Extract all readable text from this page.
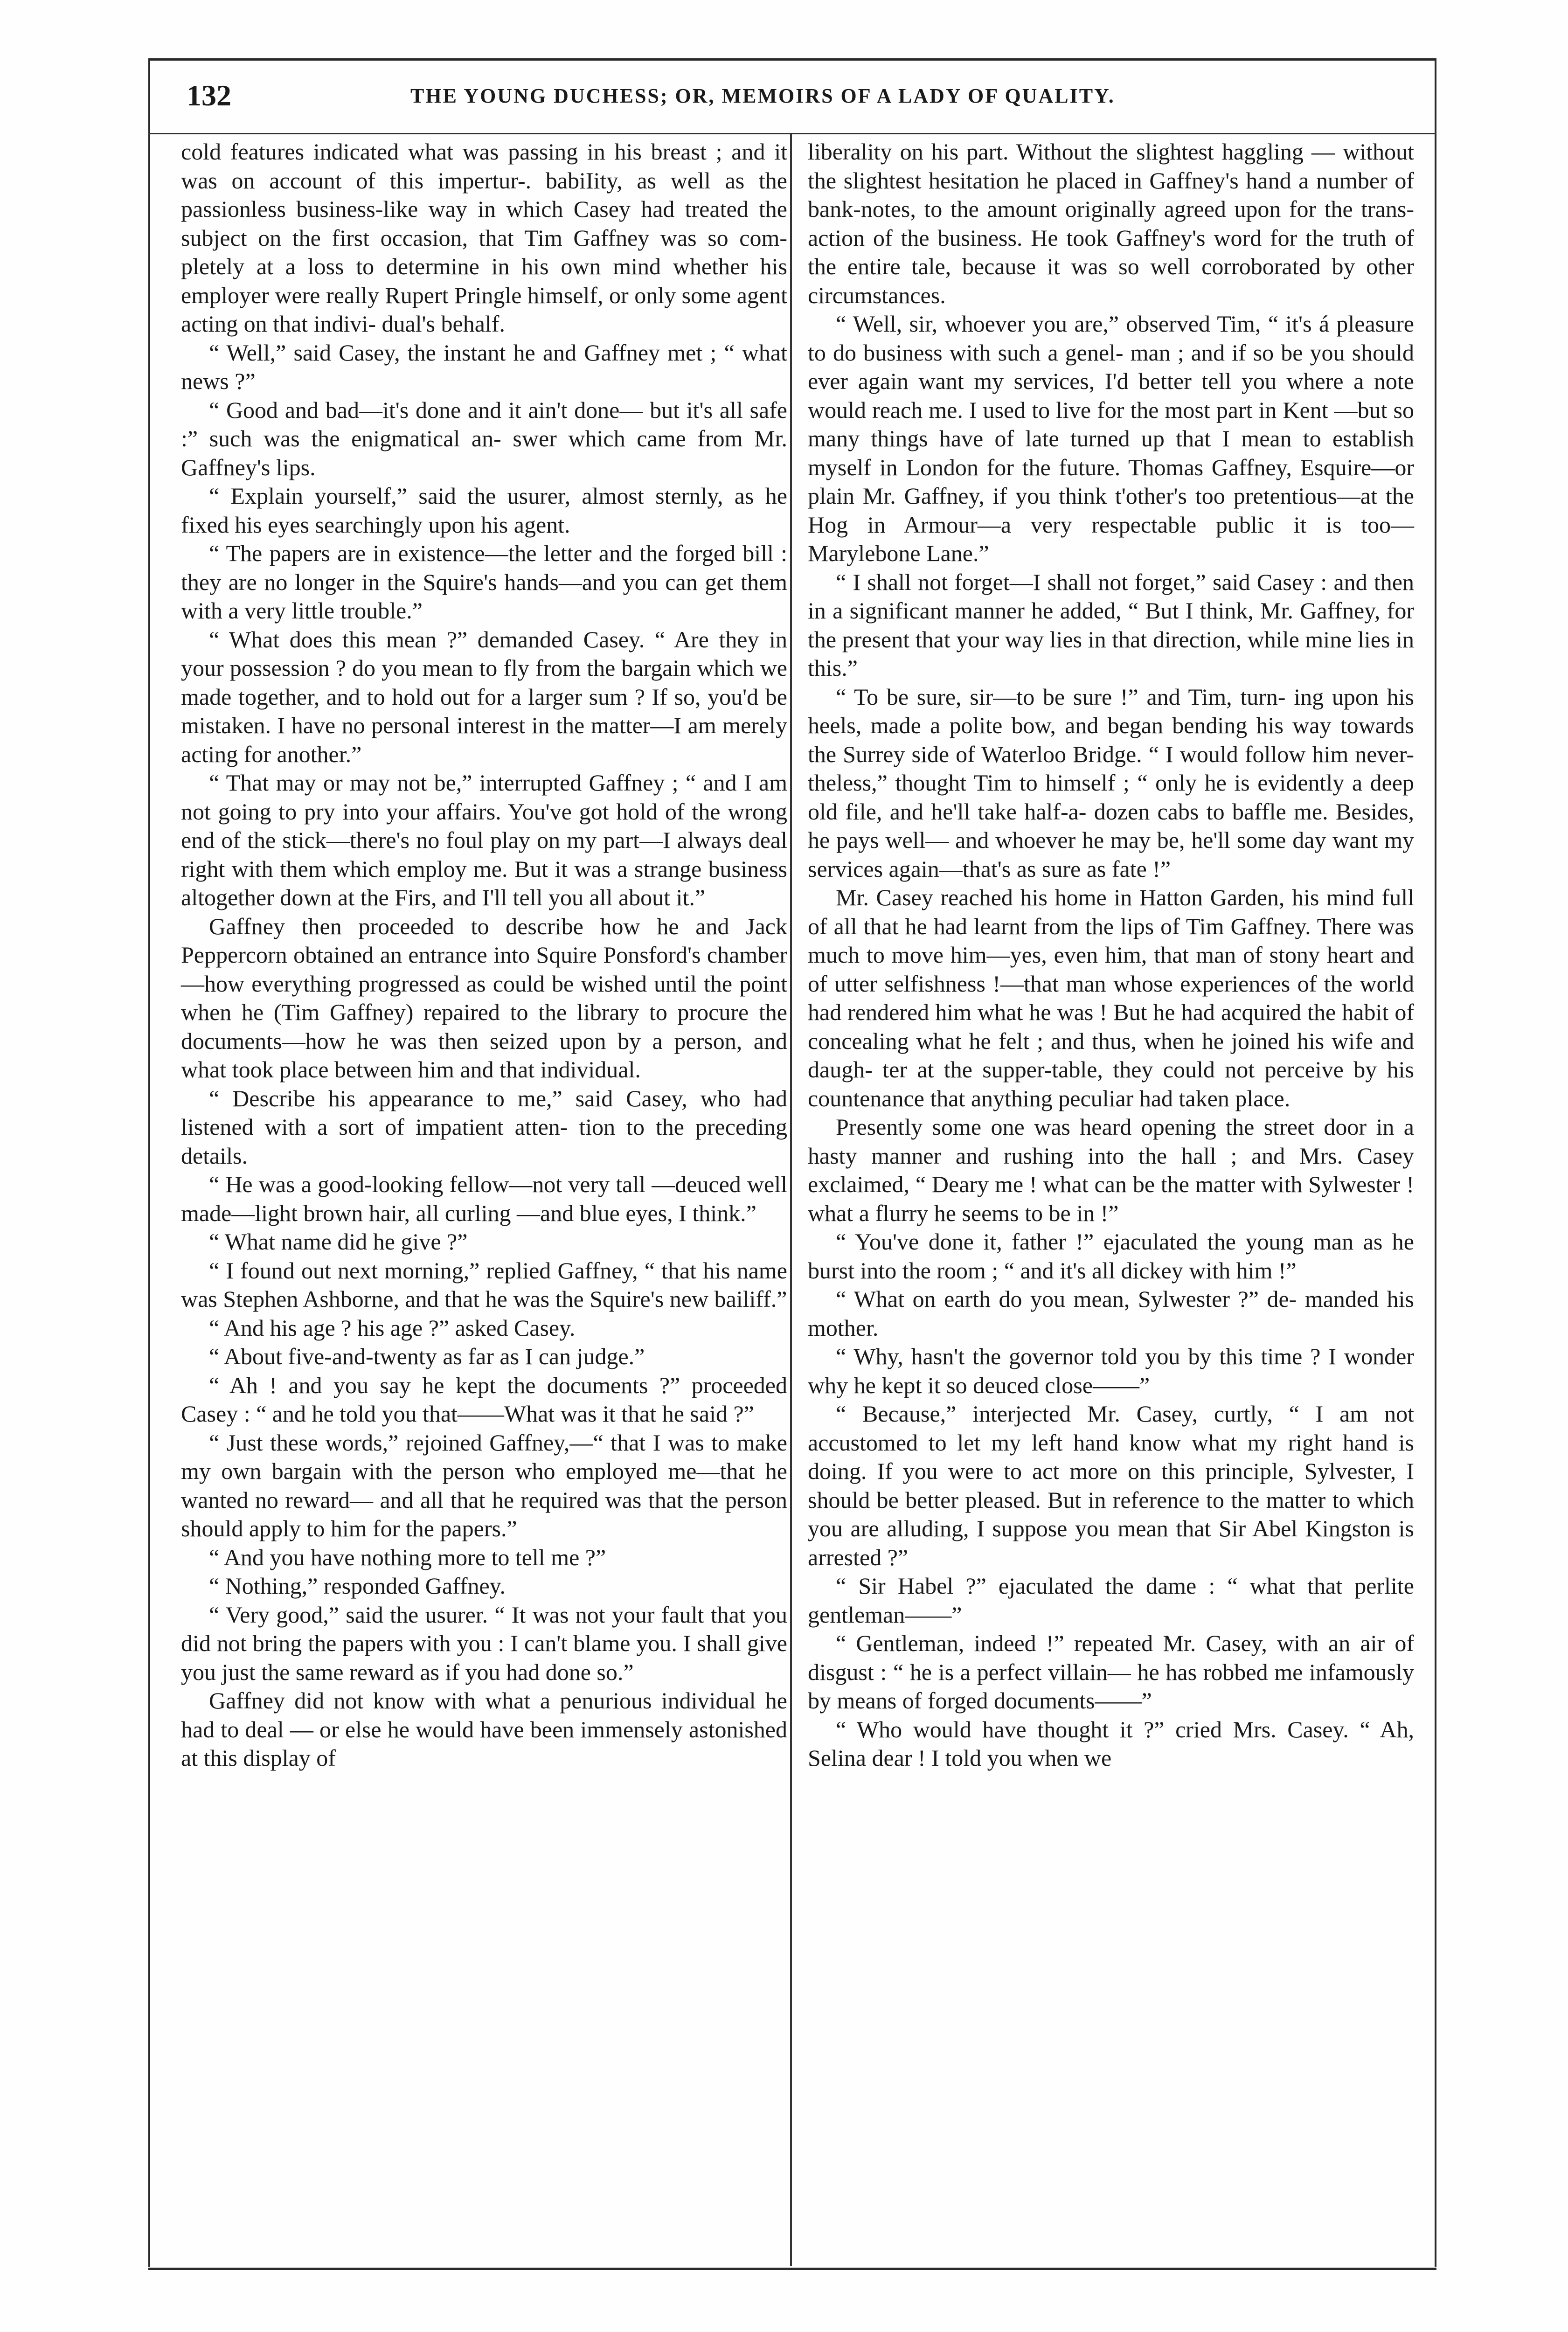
132	THE YOUNG DUCHESS; OR, MEMOIRS OF A LADY OF QUALITY.

cold features indicated what was passing in his breast ; and it was on account of this impertur-. babiIity, as well as the passionless business-like way in which Casey had treated the subject on the first occasion, that Tim Gaffney was so com- pletely at a loss to determine in his own mind whether his employer were really Rupert Pringle himself, or only some agent acting on that indivi- dual's behalf.

“ Well,” said Casey, the instant he and Gaffney met ; “ what news ?”

“ Good and bad—it's done and it ain't done— but it's all safe :” such was the enigmatical an- swer which came from Mr. Gaffney's lips.

“ Explain yourself,” said the usurer, almost sternly, as he fixed his eyes searchingly upon his agent.

“ The papers are in existence—the letter and the forged bill : they are no longer in the Squire's hands—and you can get them with a very little trouble.”

“ What does this mean ?” demanded Casey. “ Are they in your possession ? do you mean to fly from the bargain which we made together, and to hold out for a larger sum ? If so, you'd be mistaken. I have no personal interest in the matter—I am merely acting for another.”

“ That may or may not be,” interrupted Gaffney ; “ and I am not going to pry into your affairs. You've got hold of the wrong end of the stick—there's no foul play on my part—I always deal right with them which employ me. But it was a strange business altogether down at the Firs, and I'll tell you all about it.”

Gaffney then proceeded to describe how he and Jack Peppercorn obtained an entrance into Squire Ponsford's chamber—how everything progressed as could be wished until the point when he (Tim Gaffney) repaired to the library to procure the documents—how he was then seized upon by a person, and what took place between him and that individual.

“ Describe his appearance to me,” said Casey, who had listened with a sort of impatient atten- tion to the preceding details.

“ He was a good-looking fellow—not very tall —deuced well made—light brown hair, all curling —and blue eyes, I think.”

“ What name did he give ?”

“ I found out next morning,” replied Gaffney, “ that his name was Stephen Ashborne, and that he was the Squire's new bailiff.”

“ And his age ? his age ?” asked Casey.

“ About five-and-twenty as far as I can judge.”

“ Ah ! and you say he kept the documents ?” proceeded Casey : “ and he told you that——What was it that he said ?”

“ Just these words,” rejoined Gaffney,—“ that I was to make my own bargain with the person who employed me—that he wanted no reward— and all that he required was that the person should apply to him for the papers.”

“ And you have nothing more to tell me ?”

“ Nothing,” responded Gaffney.

“ Very good,” said the usurer. “ It was not your fault that you did not bring the papers with you : I can't blame you. I shall give you just the same reward as if you had done so.”

Gaffney did not know with what a penurious individual he had to deal — or else he would have been immensely astonished at this display of

liberality on his part. Without the slightest haggling — without the slightest hesitation he placed in Gaffney's hand a number of bank-notes, to the amount originally agreed upon for the trans- action of the business. He took Gaffney's word for the truth of the entire tale, because it was so well corroborated by other circumstances.

“ Well, sir, whoever you are,” observed Tim, “ it's á pleasure to do business with such a genel- man ; and if so be you should ever again want my services, I'd better tell you where a note would reach me. I used to live for the most part in Kent —but so many things have of late turned up that I mean to establish myself in London for the future. Thomas Gaffney, Esquire—or plain Mr. Gaffney, if you think t'other's too pretentious—at the Hog in Armour—a very respectable public it is too—Marylebone Lane.”

“ I shall not forget—I shall not forget,” said Casey : and then in a significant manner he added, “ But I think, Mr. Gaffney, for the present that your way lies in that direction, while mine lies in this.”

“ To be sure, sir—to be sure !” and Tim, turn- ing upon his heels, made a polite bow, and began bending his way towards the Surrey side of Waterloo Bridge. “ I would follow him never- theless,” thought Tim to himself ; “ only he is evidently a deep old file, and he'll take half-a- dozen cabs to baffle me. Besides, he pays well— and whoever he may be, he'll some day want my services again—that's as sure as fate !”

Mr. Casey reached his home in Hatton Garden, his mind full of all that he had learnt from the lips of Tim Gaffney. There was much to move him—yes, even him, that man of stony heart and of utter selfishness !—that man whose experiences of the world had rendered him what he was ! But he had acquired the habit of concealing what he felt ; and thus, when he joined his wife and daugh- ter at the supper-table, they could not perceive by his countenance that anything peculiar had taken place.

Presently some one was heard opening the street door in a hasty manner and rushing into the hall ; and Mrs. Casey exclaimed, “ Deary me ! what can be the matter with Sylwester ! what a flurry he seems to be in !”

“ You've done it, father !” ejaculated the young man as he burst into the room ; “ and it's all dickey with him !”

“ What on earth do you mean, Sylwester ?” de- manded his mother.

“ Why, hasn't the governor told you by this time ? I wonder why he kept it so deuced close——”

“ Because,” interjected Mr. Casey, curtly, “ I am not accustomed to let my left hand know what my right hand is doing. If you were to act more on this principle, Sylvester, I should be better pleased. But in reference to the matter to which you are alluding, I suppose you mean that Sir Abel Kingston is arrested ?”

“ Sir Habel ?” ejaculated the dame : “ what that perlite gentleman——”

“ Gentleman, indeed !” repeated Mr. Casey, with an air of disgust : “ he is a perfect villain— he has robbed me infamously by means of forged documents——”

“ Who would have thought it ?” cried Mrs. Casey. “ Ah, Selina dear ! I told you when we
